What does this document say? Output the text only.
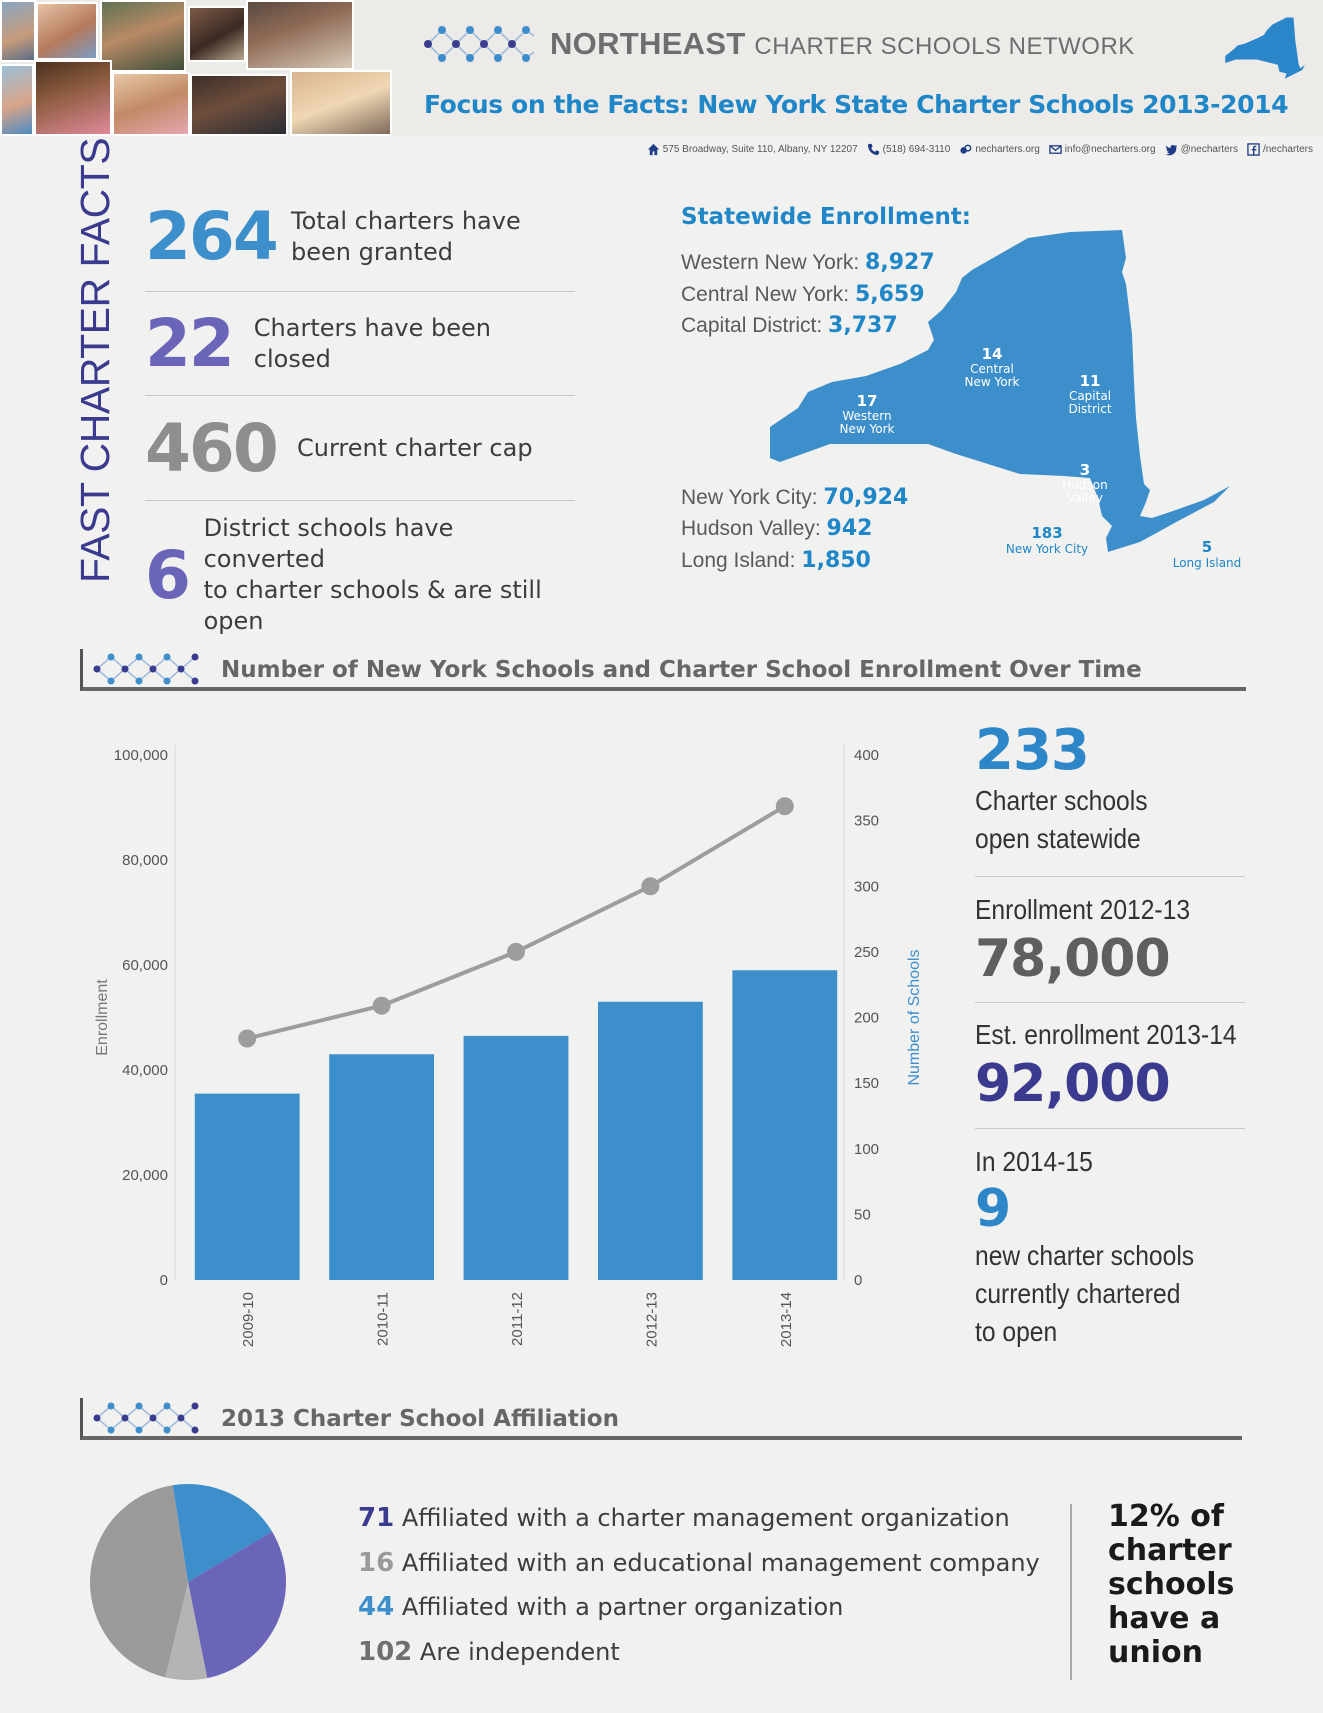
NORTHEAST CHARTER SCHOOLS NETWORK
Focus on the Facts: New York State Charter Schools 2013-2014
575 Broadway, Suite 110, Albany, NY 12207	(518) 694-3110	necharters.org	info@necharters.org	@necharters	/necharters
FAST CHARTER FACTS 264 Total charters have
been granted
22 Charters have been closed
460 Current charter cap
6
District schools have converted
to charter schools & are still open
Statewide Enrollment:
Western New York: 8,927
Central New York: 5,659
Capital District: 3,737
New York City: 70,924
Hudson Valley: 942
Long Island: 1,850
14
Central
New York	11
Capital
District
17
Western
New York
3
Hudson
Valley
183
New York City	5
Long Island
Number of New York Schools and Charter School Enrollment Over Time
0
20,000
40,000
60,000
80,000
100,000
0
50
100
150
200
250
300
350
400
Enrollment	Number of Schools
2009-10	2010-11	2011-12	2012-13	2013-14
233
Charter schools
open statewide
Enrollment 2012-13
78,000
Est. enrollment 2013-14
92,000
In 2014-15
9
new charter schools
currently chartered
to open
2013 Charter School Affiliation
71 Affiliated with a charter management organization
16 Affiliated with an educational management company
44 Affiliated with a partner organization
102 Are independent
12% of
charter
schools
have a
union
